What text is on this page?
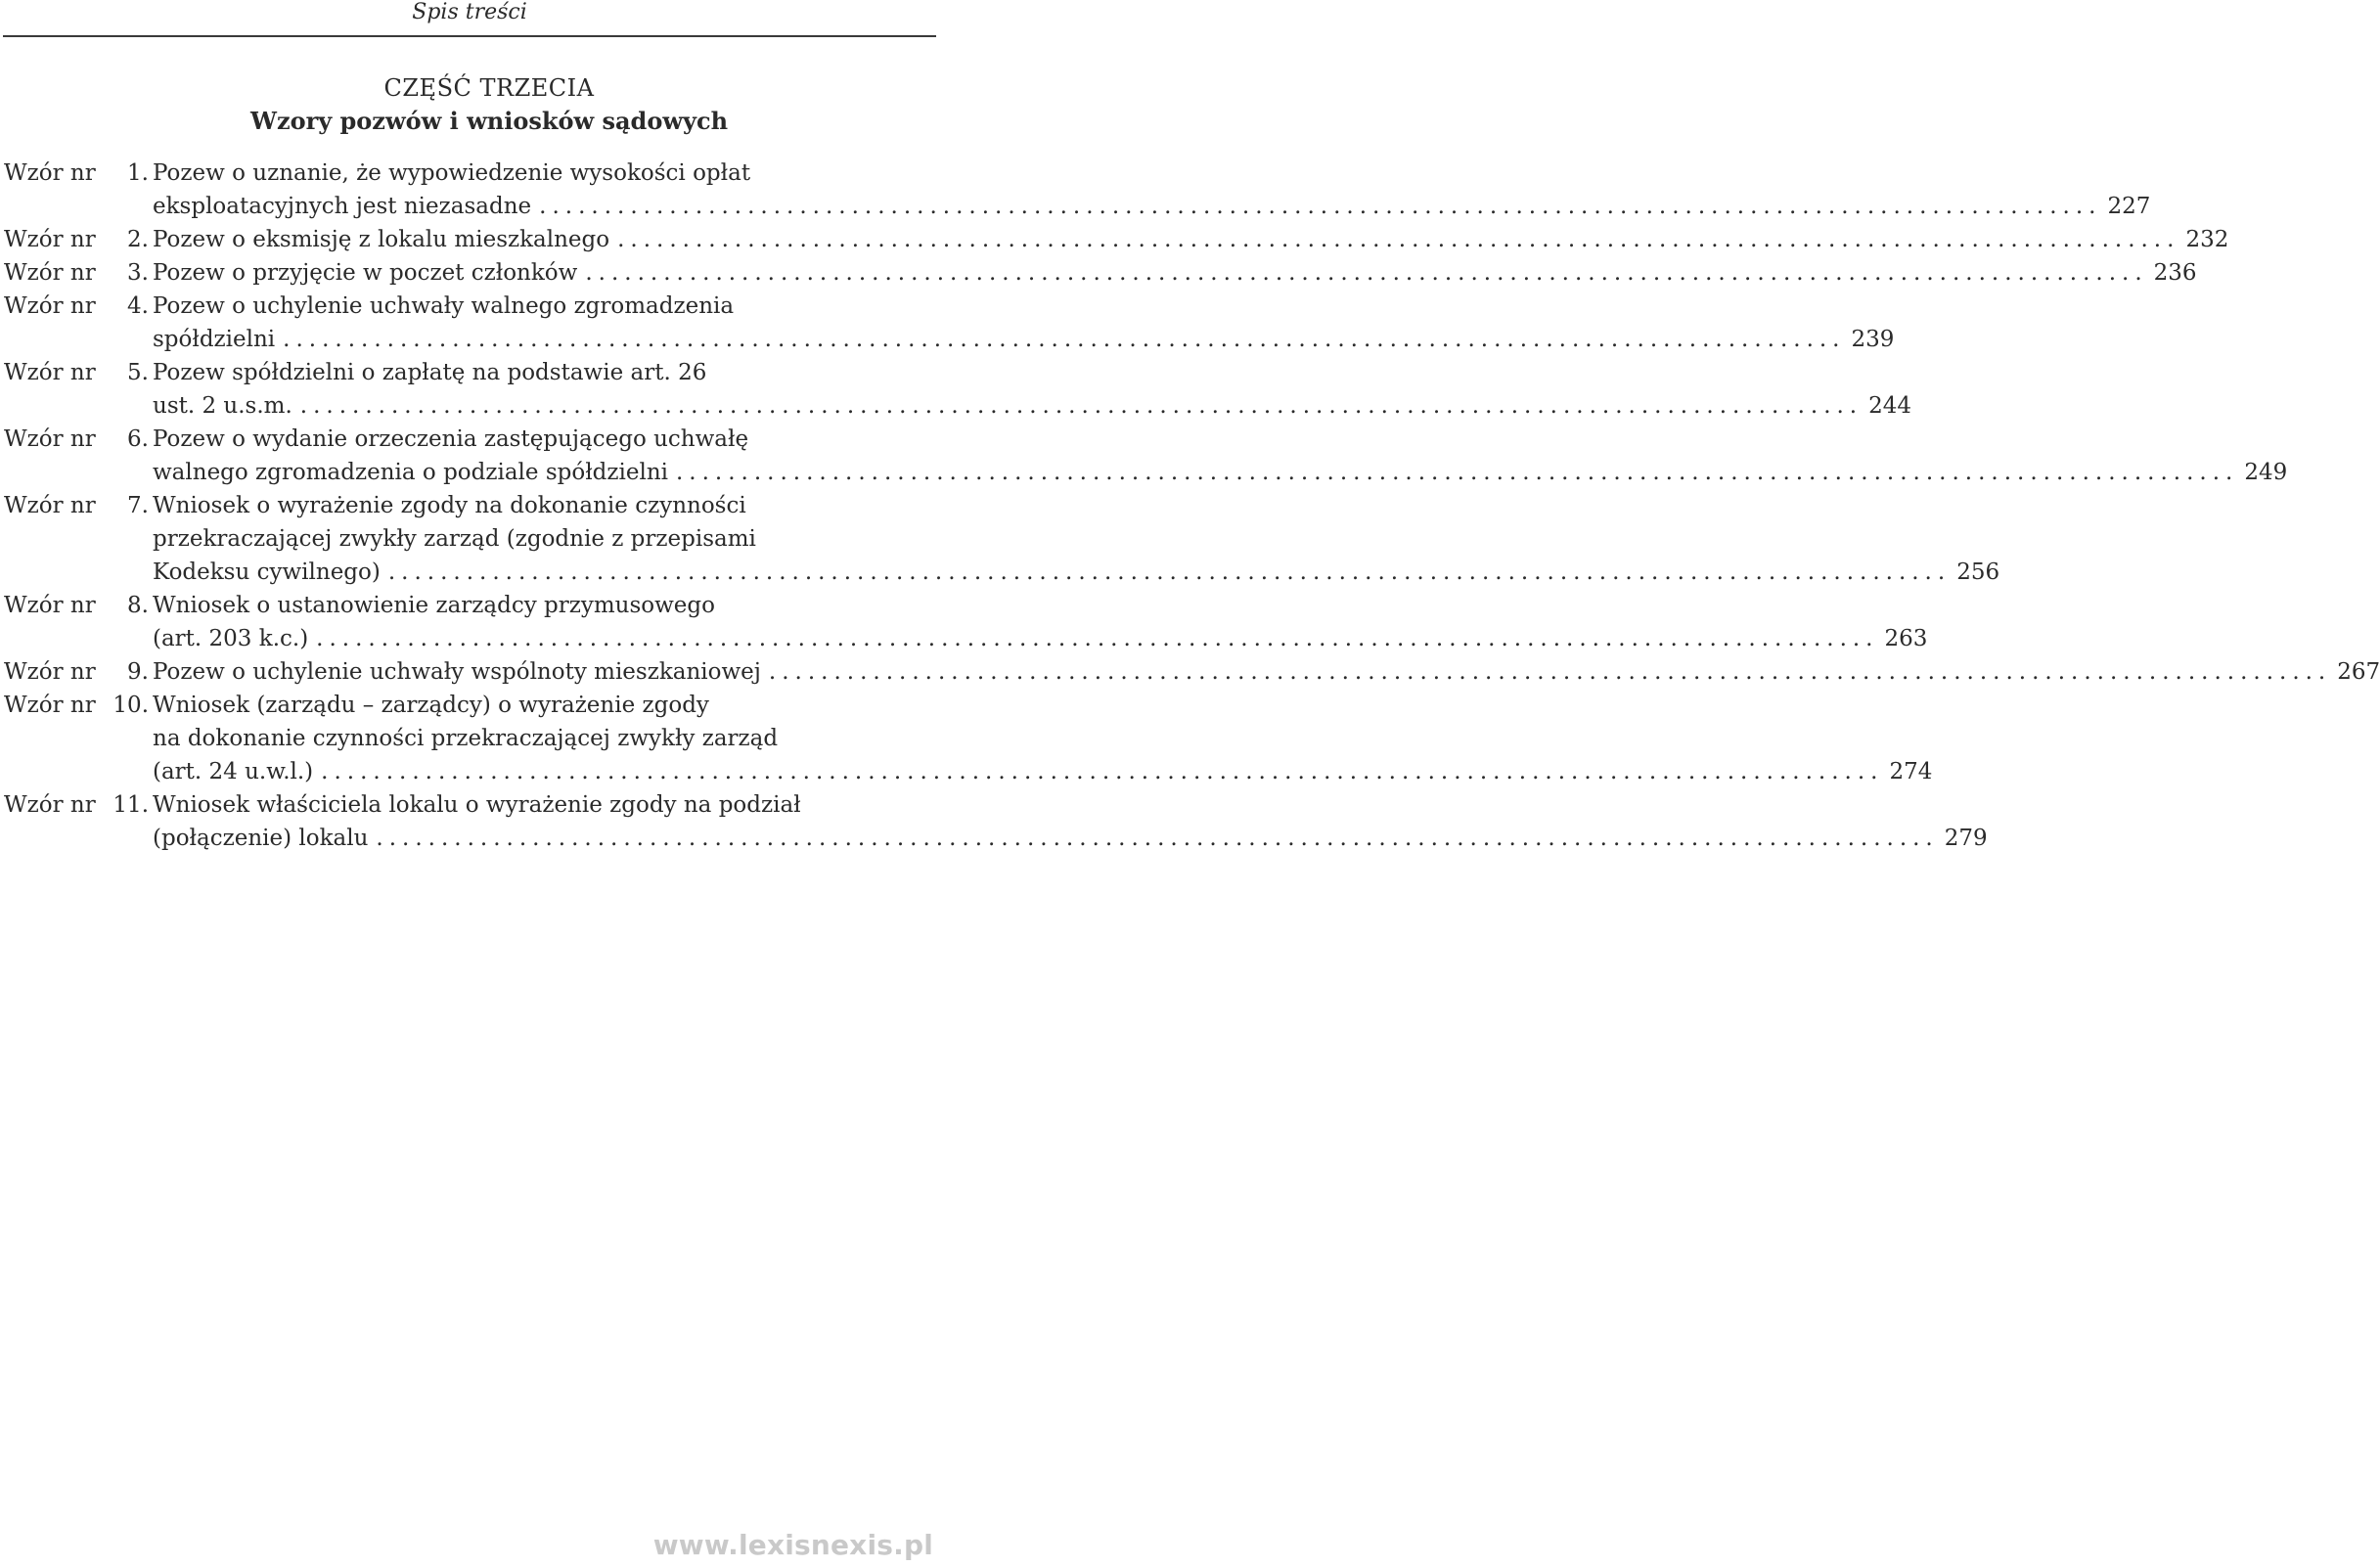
Spis treści
CZĘŚĆ TRZECIA
Wzory pozwów i wniosków sądowych
Wzór nr 1. Pozew o uznanie, że wypowiedzenie wysokości opłat
eksploatacyjnych jest niezasadne ........................................................................................................................ 227
Wzór nr 2. Pozew o eksmisję z lokalu mieszkalnego ........................................................................................................................ 232
Wzór nr 3. Pozew o przyjęcie w poczet członków ........................................................................................................................ 236
Wzór nr 4. Pozew o uchylenie uchwały walnego zgromadzenia
spółdzielni ........................................................................................................................ 239
Wzór nr 5. Pozew spółdzielni o zapłatę na podstawie art. 26
ust. 2 u.s.m. ........................................................................................................................ 244
Wzór nr 6. Pozew o wydanie orzeczenia zastępującego uchwałę
walnego zgromadzenia o podziale spółdzielni ........................................................................................................................ 249
Wzór nr 7. Wniosek o wyrażenie zgody na dokonanie czynności
przekraczającej zwykły zarząd (zgodnie z przepisami
Kodeksu cywilnego) ........................................................................................................................ 256
Wzór nr 8. Wniosek o ustanowienie zarządcy przymusowego
(art. 203 k.c.) ........................................................................................................................ 263
Wzór nr 9. Pozew o uchylenie uchwały wspólnoty mieszkaniowej ........................................................................................................................ 267
Wzór nr 10. Wniosek (zarządu – zarządcy) o wyrażenie zgody
na dokonanie czynności przekraczającej zwykły zarząd
(art. 24 u.w.l.) ........................................................................................................................ 274
Wzór nr 11. Wniosek właściciela lokalu o wyrażenie zgody na podział
(połączenie) lokalu ........................................................................................................................ 279
www.lexisnexis.pl
